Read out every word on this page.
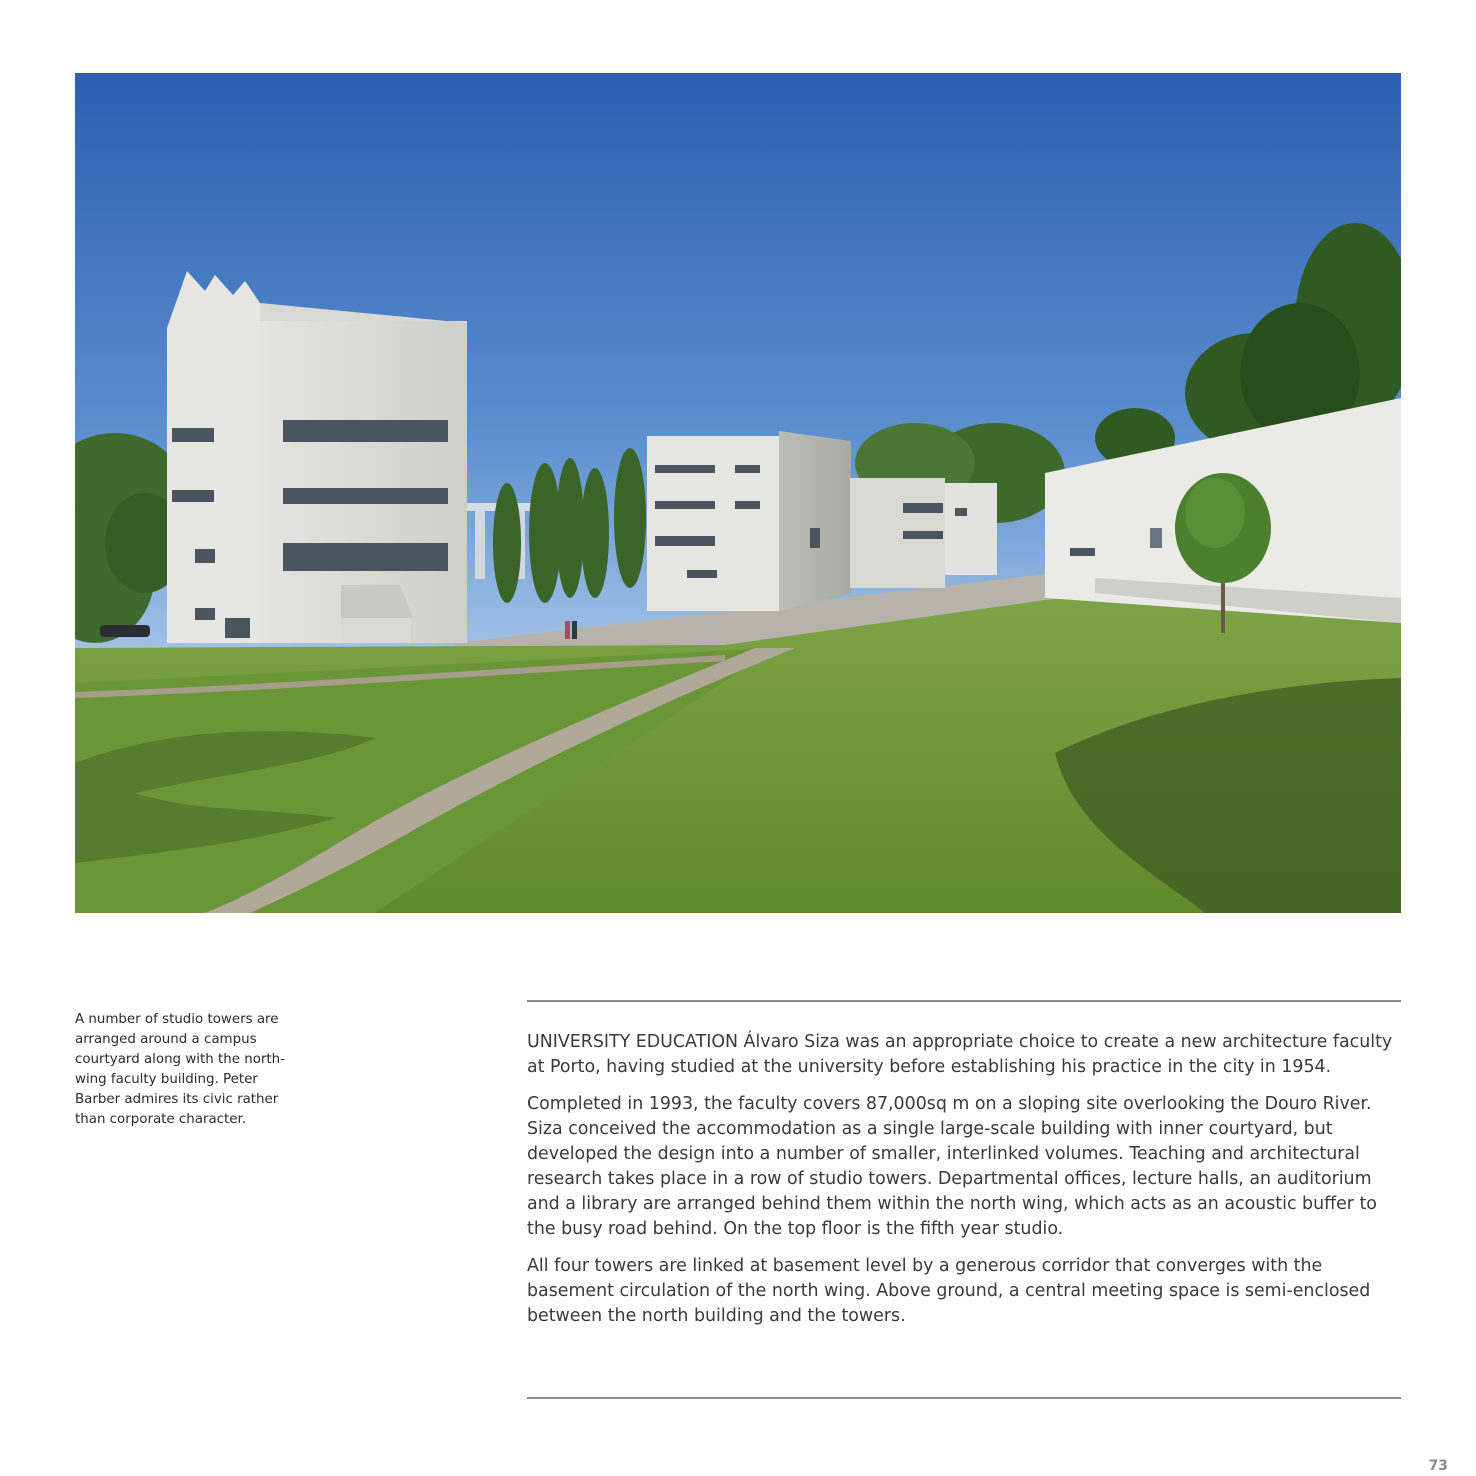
A number of studio towers are arranged around a campus courtyard along with the north-wing faculty building. Peter Barber admires its civic rather than corporate character.

UNIVERSITY EDUCATION Álvaro Siza was an appropriate choice to create a new architecture faculty at Porto, having studied at the university before establishing his practice in the city in 1954.

Completed in 1993, the faculty covers 87,000sq m on a sloping site overlooking the Douro River. Siza conceived the accommodation as a single large-scale building with inner courtyard, but developed the design into a number of smaller, interlinked volumes. Teaching and architectural research takes place in a row of studio towers. Departmental offices, lecture halls, an auditorium and a library are arranged behind them within the north wing, which acts as an acoustic buffer to the busy road behind. On the top floor is the fifth year studio.

All four towers are linked at basement level by a generous corridor that converges with the basement circulation of the north wing. Above ground, a central meeting space is semi-enclosed between the north building and the towers.

73
